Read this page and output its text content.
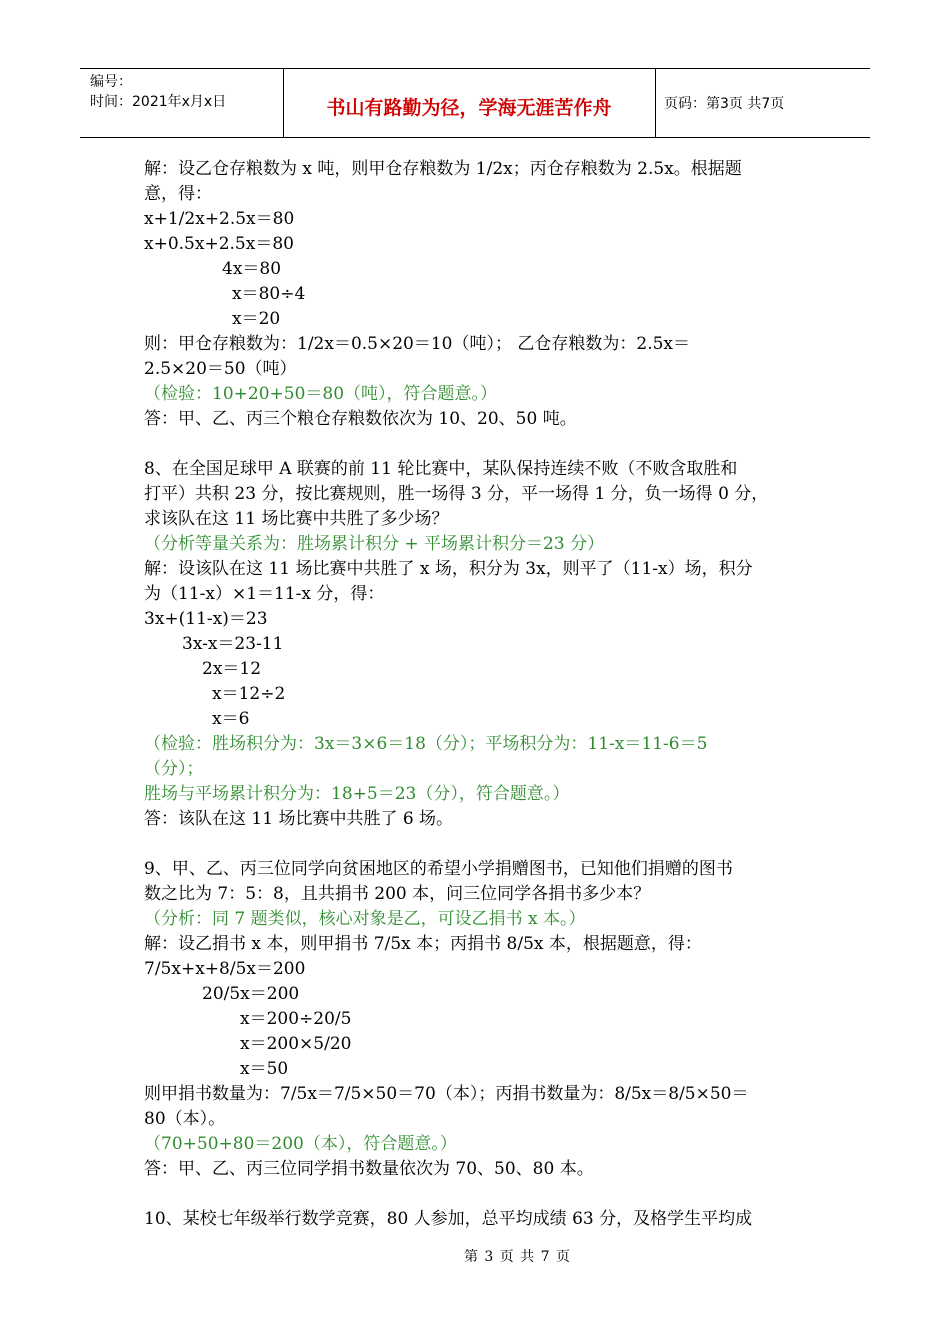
编号：
时间：2021年x月x日	书山有路勤为径，学海无涯苦作舟	页码：第3页 共7页
解：设乙仓存粮数为 x 吨，则甲仓存粮数为 1/2x；丙仓存粮数为 2.5x。根据题
意，得：
x+1/2x+2.5x＝80
x+0.5x+2.5x＝80
4x＝80
x＝80÷4
x＝20
则：甲仓存粮数为：1/2x＝0.5×20＝10（吨）； 乙仓存粮数为：2.5x＝
2.5×20＝50（吨）
（检验：10+20+50＝80（吨），符合题意。）
答：甲、乙、丙三个粮仓存粮数依次为 10、20、50 吨。
8、在全国足球甲 A 联赛的前 11 轮比赛中，某队保持连续不败（不败含取胜和
打平）共积 23 分，按比赛规则，胜一场得 3 分，平一场得 1 分，负一场得 0 分，
求该队在这 11 场比赛中共胜了多少场？
（分析等量关系为：胜场累计积分 + 平场累计积分＝23 分）
解：设该队在这 11 场比赛中共胜了 x 场，积分为 3x，则平了（11-x）场，积分
为（11-x）×1＝11-x 分，得：
3x+(11-x)＝23
3x-x＝23-11
2x＝12
x＝12÷2
x＝6
（检验：胜场积分为：3x＝3×6＝18（分）；平场积分为：11-x＝11-6＝5
（分）；
胜场与平场累计积分为：18+5＝23（分），符合题意。）
答：该队在这 11 场比赛中共胜了 6 场。
9、甲、乙、丙三位同学向贫困地区的希望小学捐赠图书，已知他们捐赠的图书
数之比为 7：5：8，且共捐书 200 本，问三位同学各捐书多少本？
（分析：同 7 题类似，核心对象是乙，可设乙捐书 x 本。）
解：设乙捐书 x 本，则甲捐书 7/5x 本；丙捐书 8/5x 本，根据题意，得：
7/5x+x+8/5x＝200
20/5x＝200
x＝200÷20/5
x＝200×5/20
x＝50
则甲捐书数量为：7/5x＝7/5×50＝70（本）；丙捐书数量为：8/5x＝8/5×50＝
80（本）。
（70+50+80＝200（本），符合题意。）
答：甲、乙、丙三位同学捐书数量依次为 70、50、80 本。
10、某校七年级举行数学竞赛，80 人参加，总平均成绩 63 分，及格学生平均成
第 3 页 共 7 页
